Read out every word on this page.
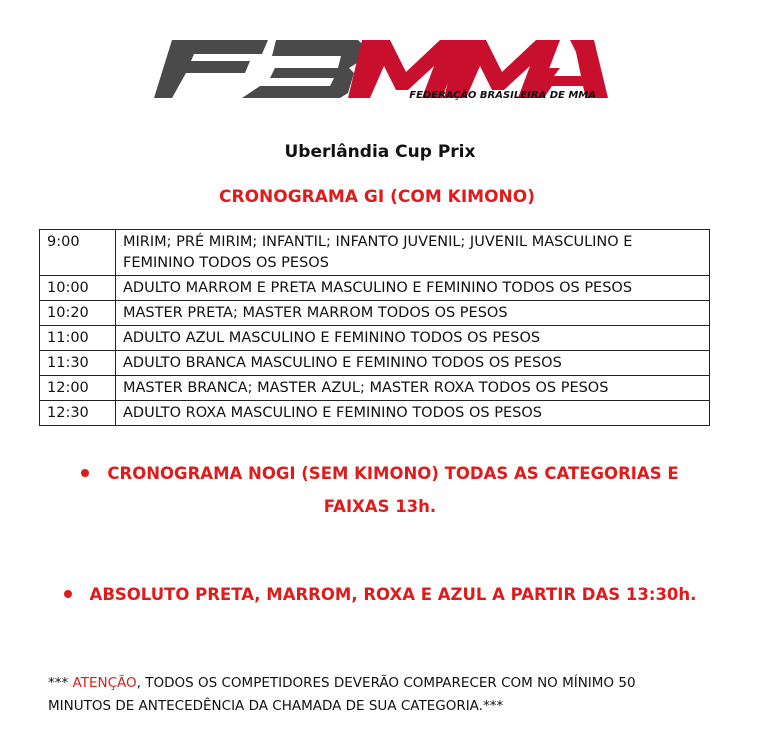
FEDERAÇÃO BRASILEIRA DE MMA
Uberlândia Cup Prix
CRONOGRAMA GI (COM KIMONO)
9:00	MIRIM; PRÉ MIRIM; INFANTIL; INFANTO JUVENIL; JUVENIL MASCULINO E FEMININO TODOS OS PESOS
10:00	ADULTO MARROM E PRETA MASCULINO E FEMININO TODOS OS PESOS
10:20	MASTER PRETA; MASTER MARROM TODOS OS PESOS
11:00	ADULTO AZUL MASCULINO E FEMININO TODOS OS PESOS
11:30	ADULTO BRANCA MASCULINO E FEMININO TODOS OS PESOS
12:00	MASTER BRANCA; MASTER AZUL; MASTER ROXA TODOS OS PESOS
12:30	ADULTO ROXA MASCULINO E FEMININO TODOS OS PESOS
CRONOGRAMA NOGI (SEM KIMONO) TODAS AS CATEGORIAS E
FAIXAS 13h.
ABSOLUTO PRETA, MARROM, ROXA E AZUL A PARTIR DAS 13:30h.
*** ATENÇÃO, TODOS OS COMPETIDORES DEVERÃO COMPARECER COM NO MÍNIMO 50
MINUTOS DE ANTECEDÊNCIA DA CHAMADA DE SUA CATEGORIA.***
